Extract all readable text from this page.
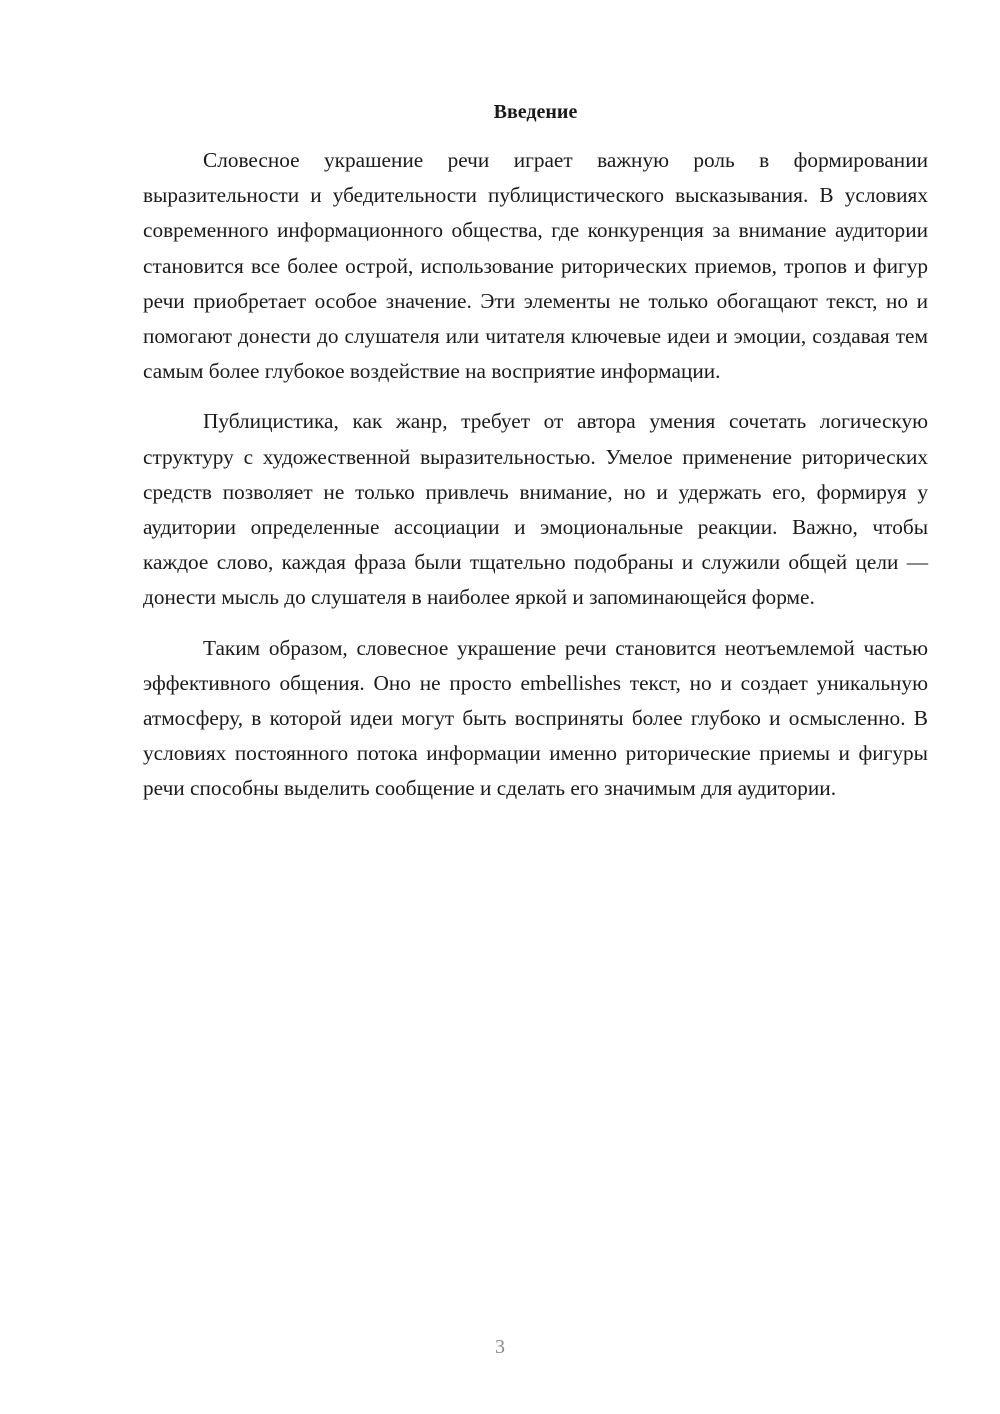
Введение

Словесное украшение речи играет важную роль в формировании выразительности и убедительности публицистического высказывания. В условиях современного информационного общества, где конкуренция за внимание аудитории становится все более острой, использование риторических приемов, тропов и фигур речи приобретает особое значение. Эти элементы не только обогащают текст, но и помогают донести до слушателя или читателя ключевые идеи и эмоции, создавая тем самым более глубокое воздействие на восприятие информации.

Публицистика, как жанр, требует от автора умения сочетать логическую структуру с художественной выразительностью. Умелое применение риторических средств позволяет не только привлечь внимание, но и удержать его, формируя у аудитории определенные ассоциации и эмоциональные реакции. Важно, чтобы каждое слово, каждая фраза были тщательно подобраны и служили общей цели — донести мысль до слушателя в наиболее яркой и запоминающейся форме.

Таким образом, словесное украшение речи становится неотъемлемой частью эффективного общения. Оно не просто embellishes текст, но и создает уникальную атмосферу, в которой идеи могут быть восприняты более глубоко и осмысленно. В условиях постоянного потока информации именно риторические приемы и фигуры речи способны выделить сообщение и сделать его значимым для аудитории.

3
